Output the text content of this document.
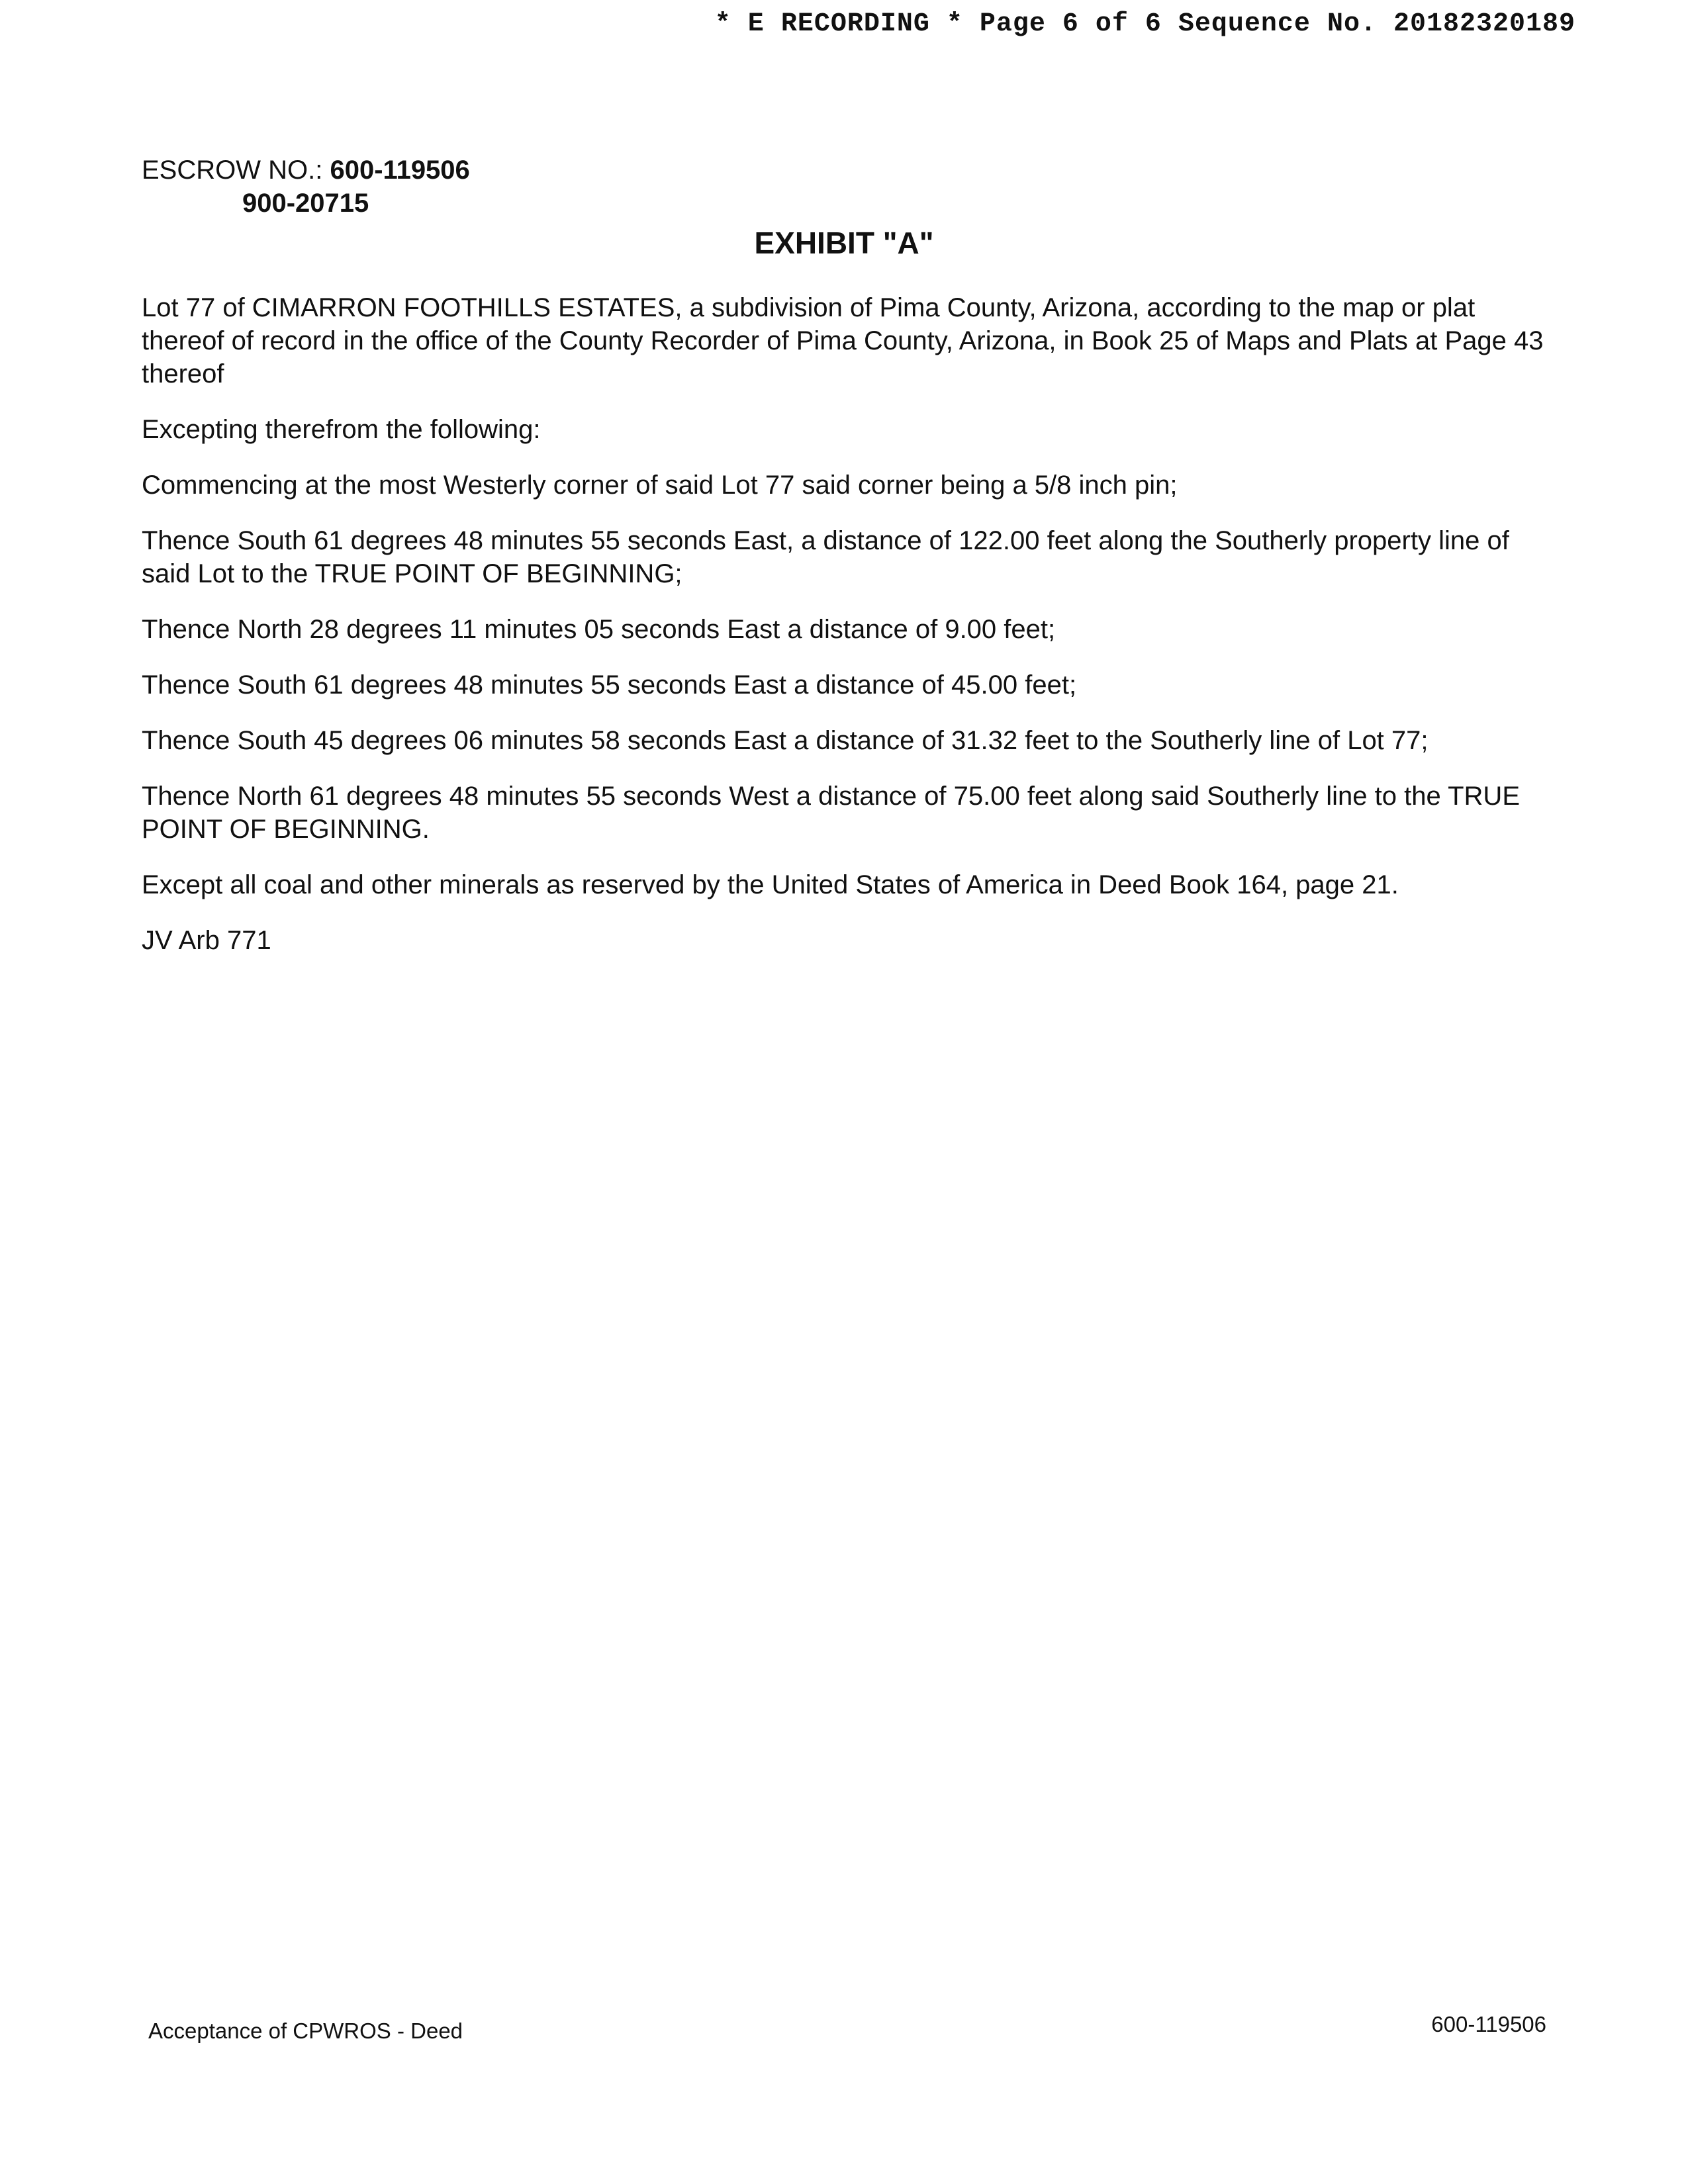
* E RECORDING * Page 6 of 6 Sequence No. 20182320189
ESCROW NO.: 600-119506
900-20715
EXHIBIT "A"

Lot 77 of CIMARRON FOOTHILLS ESTATES, a subdivision of Pima County, Arizona, according to the map or plat thereof of record in the office of the County Recorder of Pima County, Arizona, in Book 25 of Maps and Plats at Page 43 thereof

Excepting therefrom the following:

Commencing at the most Westerly corner of said Lot 77 said corner being a 5/8 inch pin;

Thence South 61 degrees 48 minutes 55 seconds East, a distance of 122.00 feet along the Southerly property line of said Lot to the TRUE POINT OF BEGINNING;

Thence North 28 degrees 11 minutes 05 seconds East a distance of 9.00 feet;

Thence South 61 degrees 48 minutes 55 seconds East a distance of 45.00 feet;

Thence South 45 degrees 06 minutes 58 seconds East a distance of 31.32 feet to the Southerly line of Lot 77;

Thence North 61 degrees 48 minutes 55 seconds West a distance of 75.00 feet along said Southerly line to the TRUE POINT OF BEGINNING.

Except all coal and other minerals as reserved by the United States of America in Deed Book 164, page 21.

JV Arb 771

Acceptance of CPWROS - Deed	600-119506
